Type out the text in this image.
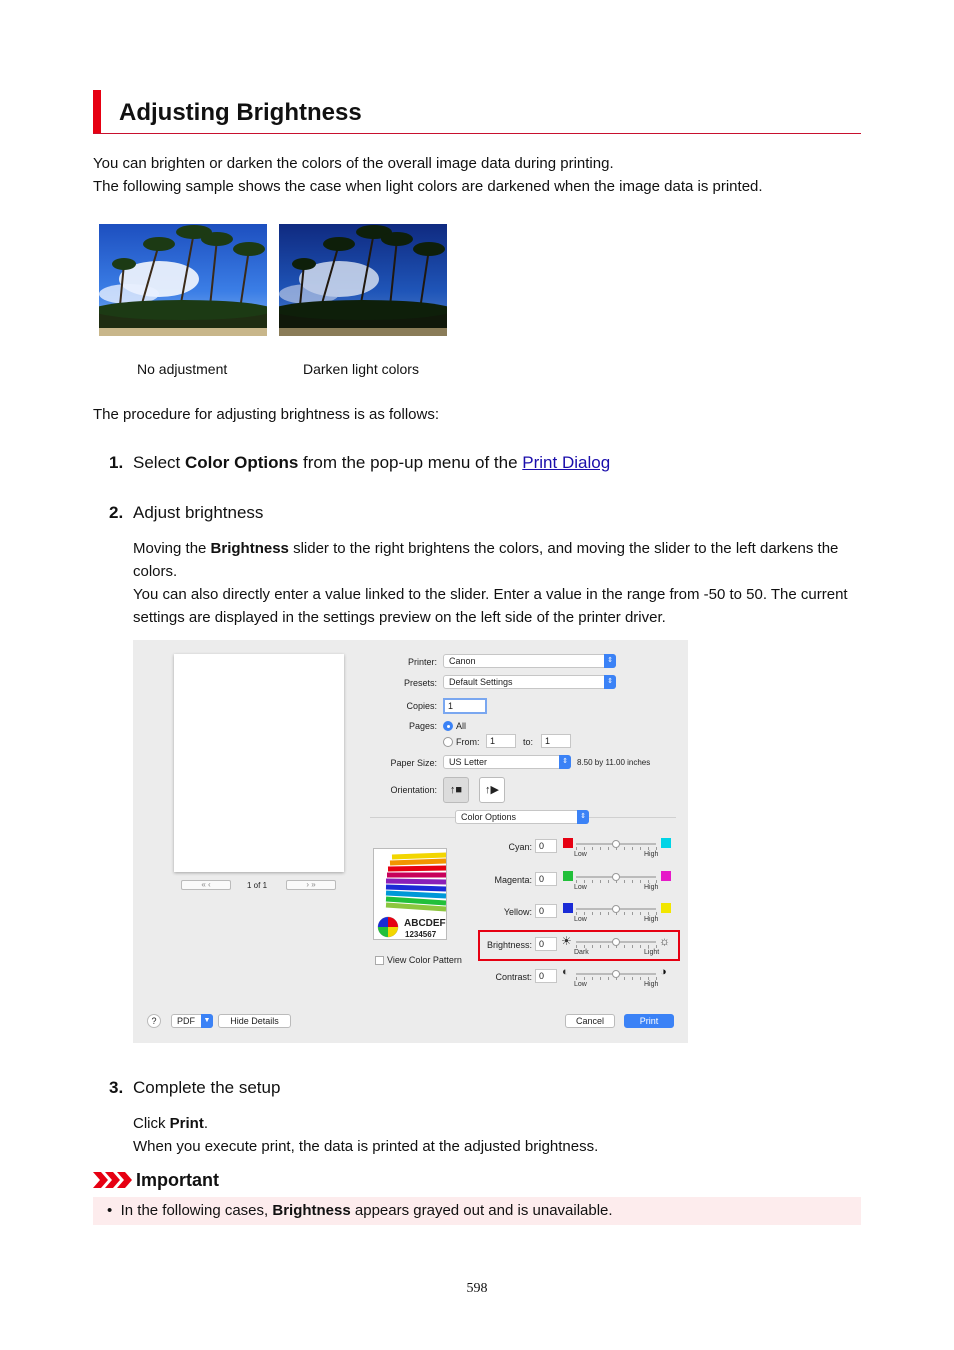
Adjusting Brightness
You can brighten or darken the colors of the overall image data during printing.
The following sample shows the case when light colors are darkened when the image data is printed.
No adjustment	Darken light colors
The procedure for adjusting brightness is as follows:
1. Select Color Options from the pop-up menu of the Print Dialog
2. Adjust brightness
Moving the Brightness slider to the right brightens the colors, and moving the slider to the left darkens the colors.
You can also directly enter a value linked to the slider. Enter a value in the range from -50 to 50. The current settings are displayed in the settings preview on the left side of the printer driver.
« ‹	1 of 1	› »
Printer:	Canon	⇕
Presets:	Default Settings	⇕
Copies:	1
Pages: All
From:	1	to:	1
Paper Size:	US Letter	⇕	8.50 by 11.00 inches
Orientation:	↑■	↑▶
Color Options	⇕
ABCDEF
1234567
View Color Pattern
Cyan: 0
Low	High
Magenta: 0
Low	High
Yellow: 0
Low	High
Brightness: 0	☀	☼
Dark	Light
Contrast: 0	◐	◑
Low	High
?	PDF	▼	Hide Details	Cancel	Print
3. Complete the setup
Click Print.
When you execute print, the data is printed at the adjusted brightness.
Important
•  In the following cases, Brightness appears grayed out and is unavailable.
598
